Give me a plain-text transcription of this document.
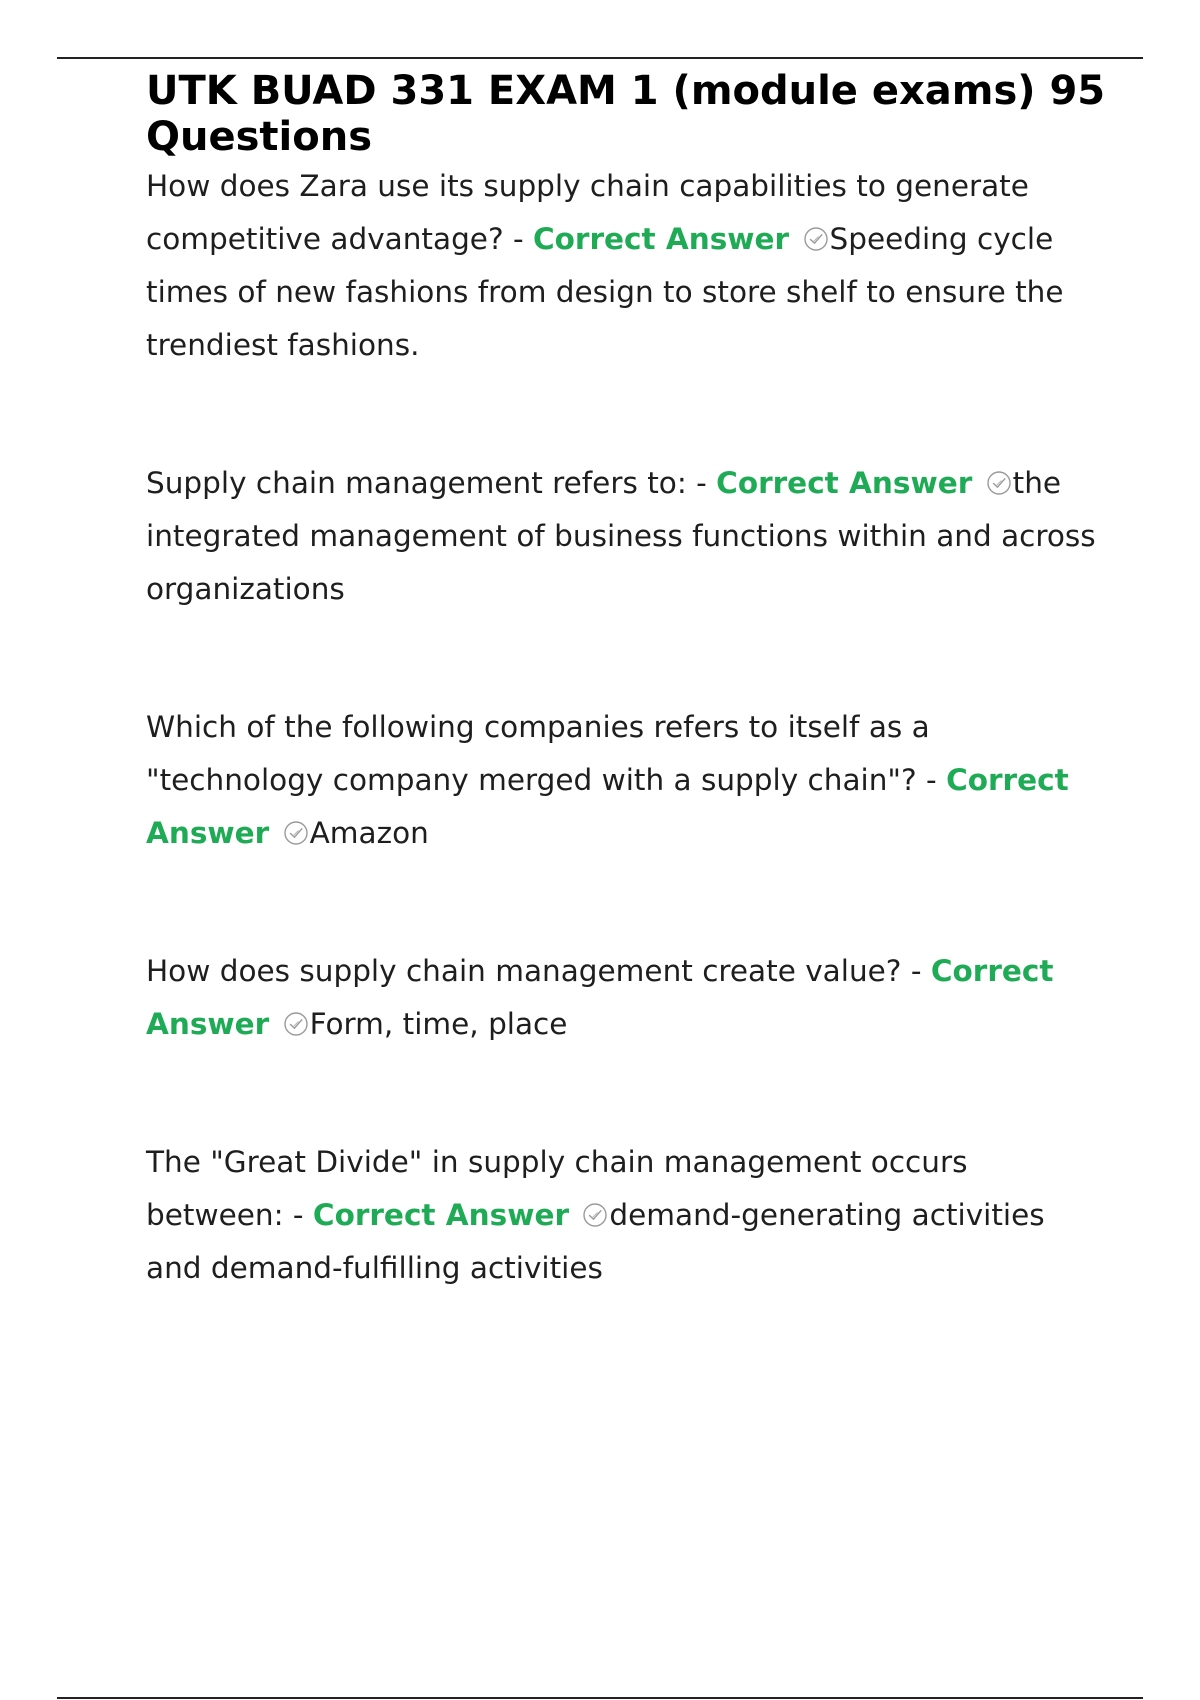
UTK BUAD 331 EXAM 1 (module exams) 95 Questions

How does Zara use its supply chain capabilities to generate competitive advantage? - Correct Answer Speeding cycle times of new fashions from design to store shelf to ensure the trendiest fashions.

Supply chain management refers to: - Correct Answer the integrated management of business functions within and across organizations

Which of the following companies refers to itself as a "technology company merged with a supply chain"? - Correct Answer Amazon

How does supply chain management create value? - Correct Answer Form, time, place

The "Great Divide" in supply chain management occurs between: - Correct Answer demand-generating activities and demand-fulfilling activities
